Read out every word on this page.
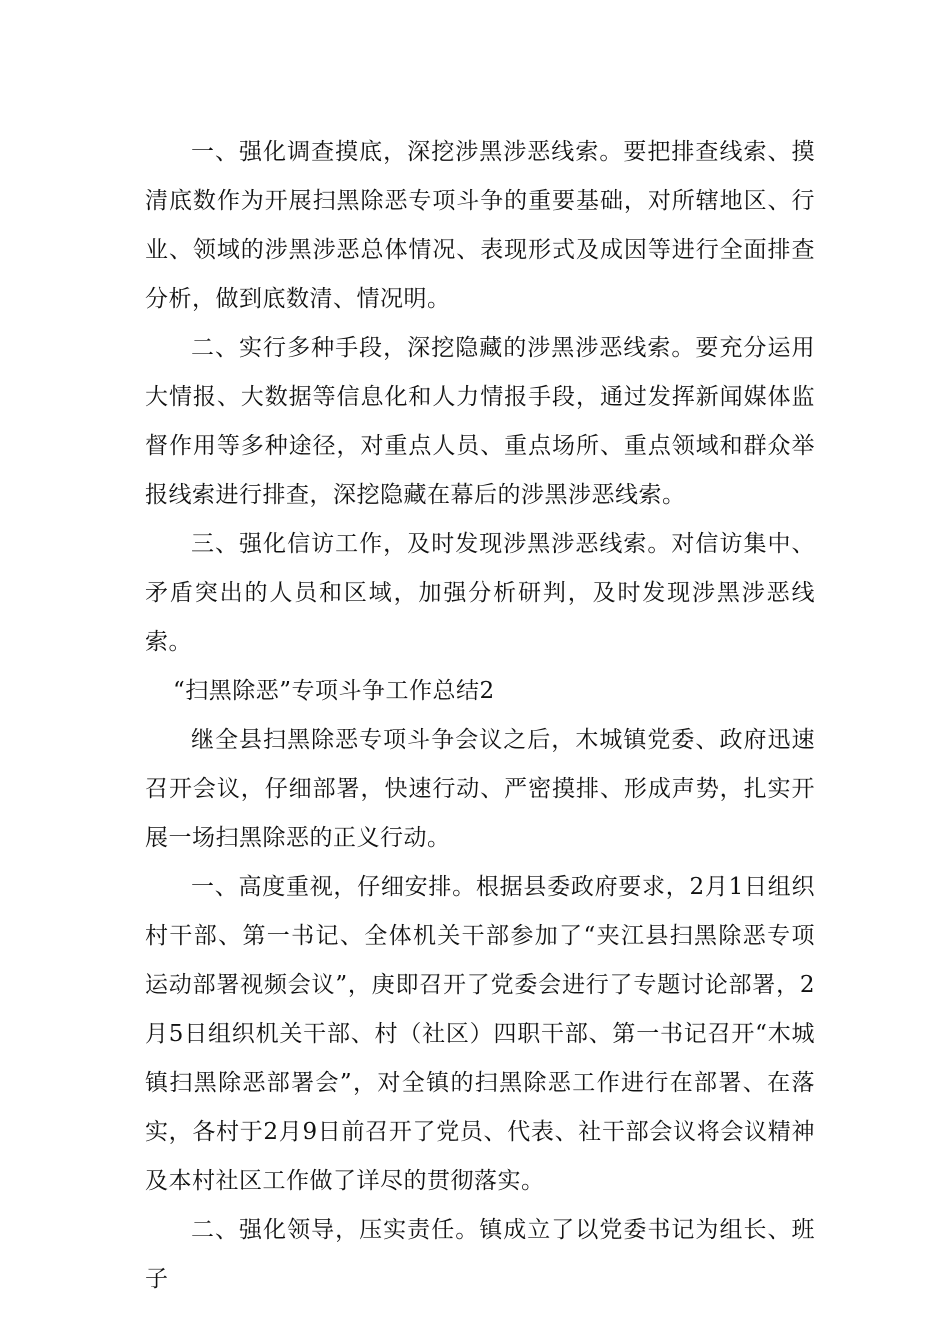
一、强化调查摸底，深挖涉黑涉恶线索。要把排查线索、摸清底数作为开展扫黑除恶专项斗争的重要基础，对所辖地区、行业、领域的涉黑涉恶总体情况、表现形式及成因等进行全面排查分析，做到底数清、情况明。

二、实行多种手段，深挖隐藏的涉黑涉恶线索。要充分运用大情报、大数据等信息化和人力情报手段，通过发挥新闻媒体监督作用等多种途径，对重点人员、重点场所、重点领域和群众举报线索进行排查，深挖隐藏在幕后的涉黑涉恶线索。

三、强化信访工作，及时发现涉黑涉恶线索。对信访集中、矛盾突出的人员和区域，加强分析研判，及时发现涉黑涉恶线索。

“扫黑除恶”专项斗争工作总结2

继全县扫黑除恶专项斗争会议之后，木城镇党委、政府迅速召开会议，仔细部署，快速行动、严密摸排、形成声势，扎实开展一场扫黑除恶的正义行动。

一、高度重视，仔细安排。根据县委政府要求，2月1日组织村干部、第一书记、全体机关干部参加了“夹江县扫黑除恶专项运动部署视频会议”，庚即召开了党委会进行了专题讨论部署，2月5日组织机关干部、村（社区）四职干部、第一书记召开“木城镇扫黑除恶部署会”，对全镇的扫黑除恶工作进行在部署、在落实，各村于2月9日前召开了党员、代表、社干部会议将会议精神及本村社区工作做了详尽的贯彻落实。

二、强化领导，压实责任。镇成立了以党委书记为组长、班子
